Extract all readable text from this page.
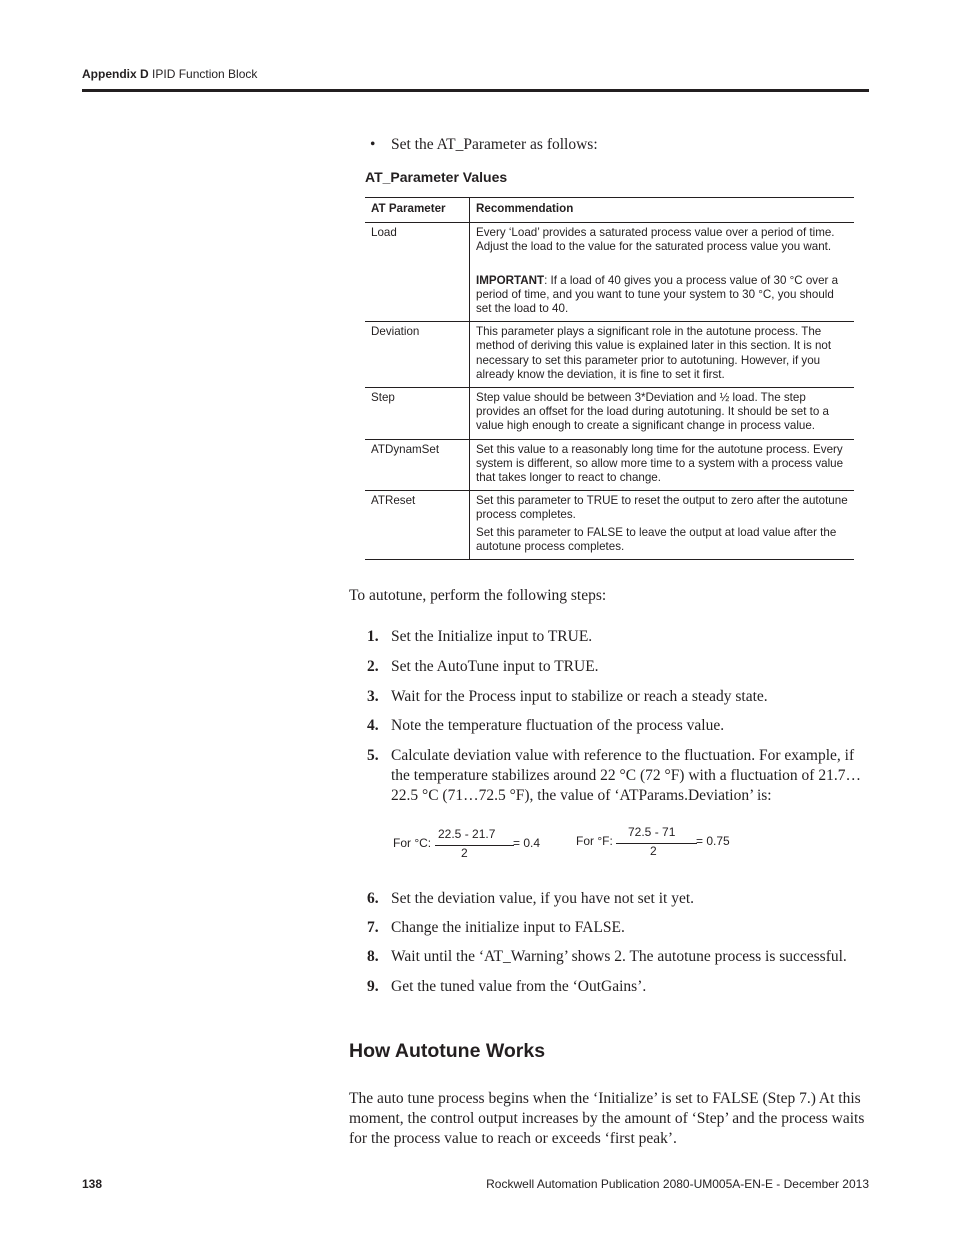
Appendix D IPID Function Block
• Set the AT_Parameter as follows:
AT_Parameter Values
AT Parameter	Recommendation
Load	Every ‘Load’ provides a saturated process value over a period of time. Adjust the load to the value for the saturated process value you want.
IMPORTANT: If a load of 40 gives you a process value of 30 °C over a period of time, and you want to tune your system to 30 °C, you should set the load to 40.

Deviation	This parameter plays a significant role in the autotune process. The method of deriving this value is explained later in this section. It is not necessary to set this parameter prior to autotuning. However, if you already know the deviation, it is fine to set it first.
Step	Step value should be between 3*Deviation and ½ load. The step provides an offset for the load during autotuning. It should be set to a value high enough to create a significant change in process value.
ATDynamSet	Set this value to a reasonably long time for the autotune process. Every system is different, so allow more time to a system with a process value that takes longer to react to change.
ATReset	Set this parameter to TRUE to reset the output to zero after the autotune process completes.
Set this parameter to FALSE to leave the output at load value after the autotune process completes.
To autotune, perform the following steps:
1. Set the Initialize input to TRUE.
2. Set the AutoTune input to TRUE.
3. Wait for the Process input to stabilize or reach a steady state.
4. Note the temperature fluctuation of the process value.
5. Calculate deviation value with reference to the fluctuation. For example, if the temperature stabilizes around 22 °C (72 °F) with a fluctuation of 21.7…22.5 °C (71…72.5 °F), the value of ‘ATParams.Deviation’ is:
For °C:
22.5 - 21.7
2
= 0.4	For °F:
72.5 - 71
2
= 0.75
6. Set the deviation value, if you have not set it yet.
7. Change the initialize input to FALSE.
8. Wait until the ‘AT_Warning’ shows 2. The autotune process is successful.
9. Get the tuned value from the ‘OutGains’.
How Autotune Works
The auto tune process begins when the ‘Initialize’ is set to FALSE (Step 7.) At this moment, the control output increases by the amount of ‘Step’ and the process waits for the process value to reach or exceeds ‘first peak’.
138	Rockwell Automation Publication 2080-UM005A-EN-E - December 2013
